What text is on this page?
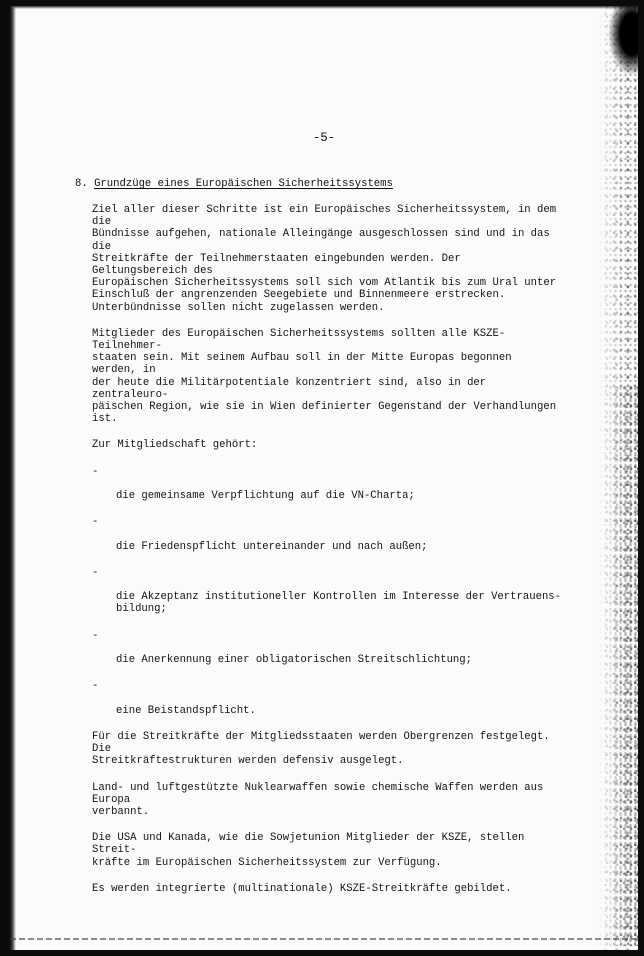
-5-
8. Grundzüge eines Europäischen Sicherheitssystems

Ziel aller dieser Schritte ist ein Europäisches Sicherheitssystem, in dem die
Bündnisse aufgehen, nationale Alleingänge ausgeschlossen sind und in das die
Streitkräfte der Teilnehmerstaaten eingebunden werden. Der Geltungsbereich des
Europäischen Sicherheitssystems soll sich vom Atlantik bis zum Ural unter
Einschluß der angrenzenden Seegebiete und Binnenmeere erstrecken.
Unterbündnisse sollen nicht zugelassen werden.

Mitglieder des Europäischen Sicherheitssystems sollten alle KSZE-Teilnehmer-
staaten sein. Mit seinem Aufbau soll in der Mitte Europas begonnen werden, in
der heute die Militärpotentiale konzentriert sind, also in der zentraleuro-
päischen Region, wie sie in Wien definierter Gegenstand der Verhandlungen ist.

Zur Mitgliedschaft gehört:

-

die gemeinsame Verpflichtung auf die VN-Charta;

-

die Friedenspflicht untereinander und nach außen;

-

die Akzeptanz institutioneller Kontrollen im Interesse der Vertrauens-
bildung;

-

die Anerkennung einer obligatorischen Streitschlichtung;

-

eine Beistandspflicht.

Für die Streitkräfte der Mitgliedsstaaten werden Obergrenzen festgelegt. Die
Streitkräftestrukturen werden defensiv ausgelegt.

Land- und luftgestützte Nuklearwaffen sowie chemische Waffen werden aus Europa
verbannt.

Die USA und Kanada, wie die Sowjetunion Mitglieder der KSZE, stellen Streit-
kräfte im Europäischen Sicherheitssystem zur Verfügung.

Es werden integrierte (multinationale) KSZE-Streitkräfte gebildet.
